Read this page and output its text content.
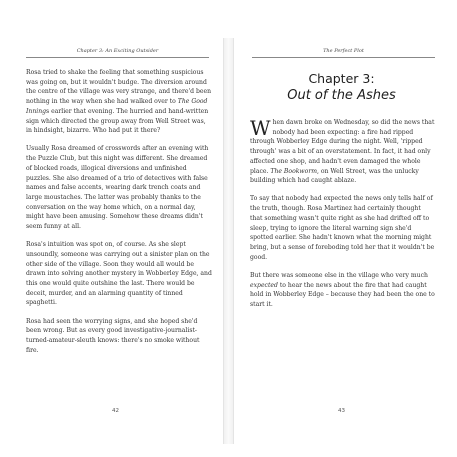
Chapter 3: An Exciting Outsider

Rosa tried to shake the feeling that something suspicious was going on, but it wouldn't budge. The diversion around the centre of the village was very strange, and there'd been nothing in the way when she had walked over to The Good Innings earlier that evening. The hurried and hand-written sign which directed the group away from Well Street was, in hindsight, bizarre. Who had put it there?

Usually Rosa dreamed of crosswords after an evening with the Puzzle Club, but this night was different. She dreamed of blocked roads, illogical diversions and unfinished puzzles. She also dreamed of a trio of detectives with false names and false accents, wearing dark trench coats and large moustaches. The latter was probably thanks to the conversation on the way home which, on a normal day, might have been amusing. Somehow these dreams didn't seem funny at all.

Rosa's intuition was spot on, of course. As she slept unsoundly, someone was carrying out a sinister plan on the other side of the village. Soon they would all would be drawn into solving another mystery in Wobberley Edge, and this one would quite outshine the last. There would be deceit, murder, and an alarming quantity of tinned spaghetti.

Rosa had seen the worrying signs, and she hoped she'd been wrong. But as every good investigative-journalist-turned-amateur-sleuth knows: there's no smoke without fire.

42
The Perfect Plot
Chapter 3:
Out of the Ashes

When dawn broke on Wednesday, so did the news that nobody had been expecting: a fire had ripped through Wobberley Edge during the night. Well, 'ripped through' was a bit of an overstatement. In fact, it had only affected one shop, and hadn't even damaged the whole place. The Bookworm, on Well Street, was the unlucky building which had caught ablaze.

To say that nobody had expected the news only tells half of the truth, though. Rosa Martinez had certainly thought that something wasn't quite right as she had drifted off to sleep, trying to ignore the literal warning sign she'd spotted earlier. She hadn't known what the morning might bring, but a sense of foreboding told her that it wouldn't be good.

But there was someone else in the village who very much expected to hear the news about the fire that had caught hold in Wobberley Edge – because they had been the one to start it.

43
